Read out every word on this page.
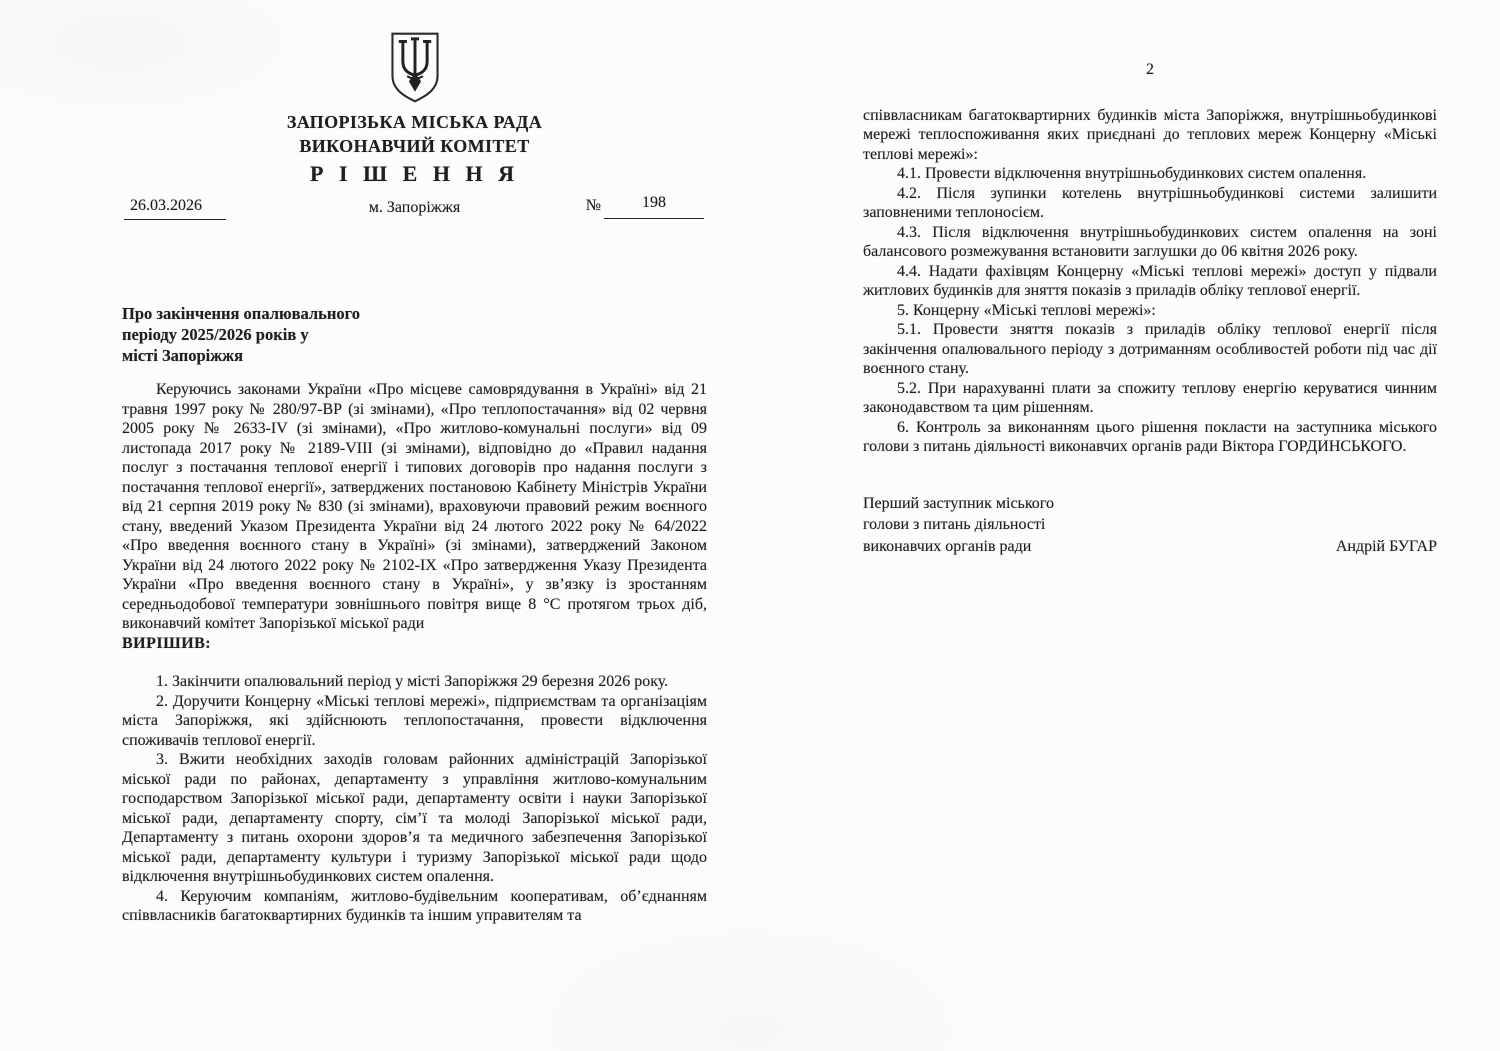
ЗАПОРІЗЬКА МІСЬКА РАДА
ВИКОНАВЧИЙ КОМІТЕТ
Р І Ш Е Н Н Я
26.03.2026	м. Запоріжжя	№	198
Про закінчення опалювального
періоду 2025/2026 років у
місті Запоріжжя

Керуючись законами України «Про місцеве самоврядування в Україні» від 21 травня 1997 року № 280/97-ВР (зі змінами), «Про теплопостачання» від 02 червня 2005 року № 2633-IV (зі змінами), «Про житлово-комунальні послуги» від 09 листопада 2017 року № 2189-VIII (зі змінами), відповідно до «Правил надання послуг з постачання теплової енергії і типових договорів про надання послуги з постачання теплової енергії», затверджених постановою Кабінету Міністрів України від 21 серпня 2019 року № 830 (зі змінами), враховуючи правовий режим воєнного стану, введений Указом Президента України від 24 лютого 2022 року № 64/2022 «Про введення воєнного стану в Україні» (зі змінами), затверджений Законом України від 24 лютого 2022 року № 2102-IX «Про затвердження Указу Президента України «Про введення воєнного стану в Україні», у зв’язку із зростанням середньодобової температури зовнішнього повітря вище 8 °С протягом трьох діб, виконавчий комітет Запорізької міської ради

ВИРІШИВ:

1. Закінчити опалювальний період у місті Запоріжжя 29 березня 2026 року.

2. Доручити Концерну «Міські теплові мережі», підприємствам та організаціям міста Запоріжжя, які здійснюють теплопостачання, провести відключення споживачів теплової енергії.

3. Вжити необхідних заходів головам районних адміністрацій Запорізької міської ради по районах, департаменту з управління житлово-комунальним господарством Запорізької міської ради, департаменту освіти і науки Запорізької міської ради, департаменту спорту, сім’ї та молоді Запорізької міської ради, Департаменту з питань охорони здоров’я та медичного забезпечення Запорізької міської ради, департаменту культури і туризму Запорізької міської ради щодо відключення внутрішньобудинкових систем опалення.

4. Керуючим компаніям, житлово-будівельним кооперативам, об’єднанням співвласників багатоквартирних будинків та іншим управителям та

2

співвласникам багатоквартирних будинків міста Запоріжжя, внутрішньобудинкові мережі теплоспоживання яких приєднані до теплових мереж Концерну «Міські теплові мережі»:

4.1. Провести відключення внутрішньобудинкових систем опалення.

4.2. Після зупинки котелень внутрішньобудинкові системи залишити заповненими теплоносієм.

4.3. Після відключення внутрішньобудинкових систем опалення на зоні балансового розмежування встановити заглушки до 06 квітня 2026 року.

4.4. Надати фахівцям Концерну «Міські теплові мережі» доступ у підвали житлових будинків для зняття показів з приладів обліку теплової енергії.

5. Концерну «Міські теплові мережі»:

5.1. Провести зняття показів з приладів обліку теплової енергії після закінчення опалювального періоду з дотриманням особливостей роботи під час дії воєнного стану.

5.2. При нарахуванні плати за спожиту теплову енергію керуватися чинним законодавством та цим рішенням.

6. Контроль за виконанням цього рішення покласти на заступника міського голови з питань діяльності виконавчих органів ради Віктора ГОРДИНСЬКОГО.

Перший заступник міського
голови з питань діяльності
виконавчих органів ради	Андрій БУГАР
